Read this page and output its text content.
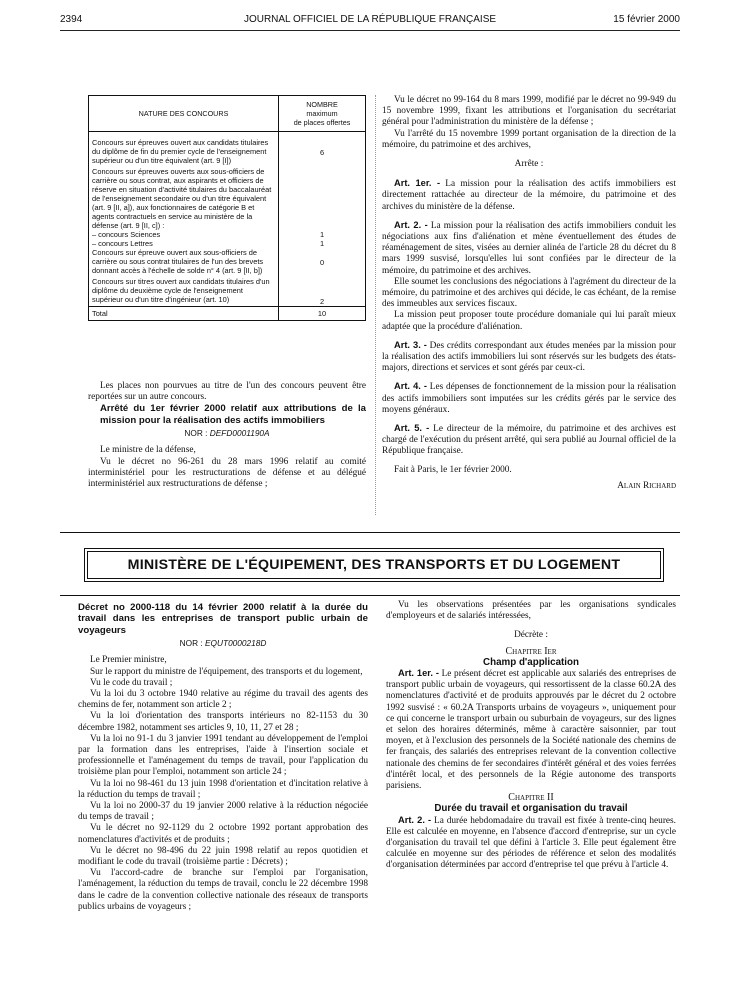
2394	JOURNAL OFFICIEL DE LA RÉPUBLIQUE FRANÇAISE	15 février 2000
NATURE DES CONCOURS	NOMBRE
maximum
de places offertes

Concours sur épreuves ouvert aux candidats titulaires du diplôme de fin du premier cycle de l'enseignement supérieur ou d'un titre équivalent (art. 9 [I])	6
Concours sur épreuves ouverts aux sous-officiers de carrière ou sous contrat, aux aspirants et officiers de réserve en situation d'activité titulaires du baccalauréat de l'enseignement secondaire ou d'un titre équivalent (art. 9 [II, a]), aux fonctionnaires de catégorie B et agents contractuels en service au ministère de la défense (art. 9 [II, c]) :	
– concours Sciences	1
– concours Lettres	1
Concours sur épreuve ouvert aux sous-officiers de carrière ou sous contrat titulaires de l'un des brevets donnant accès à l'échelle de solde n° 4 (art. 9 [II, b])	0
Concours sur titres ouvert aux candidats titulaires d'un diplôme du deuxième cycle de l'enseignement supérieur ou d'un titre d'ingénieur (art. 10)	2
Total	10

Les places non pourvues au titre de l'un des concours peuvent être reportées sur un autre concours.

Arrêté du 1er février 2000 relatif aux attributions de la mission pour la réalisation des actifs immobiliers

NOR : DEFD0001190A

Le ministre de la défense,

Vu le décret no 96-261 du 28 mars 1996 relatif au comité interministériel pour les restructurations de défense et au délégué interministériel aux restructurations de défense ;

Vu le décret no 99-164 du 8 mars 1999, modifié par le décret no 99-949 du 15 novembre 1999, fixant les attributions et l'organisation du secrétariat général pour l'administration du ministère de la défense ;

Vu l'arrêté du 15 novembre 1999 portant organisation de la direction de la mémoire, du patrimoine et des archives,

Arrête :

Art. 1er. - La mission pour la réalisation des actifs immobiliers est directement rattachée au directeur de la mémoire, du patrimoine et des archives du ministère de la défense.

Art. 2. - La mission pour la réalisation des actifs immobiliers conduit les négociations aux fins d'aliénation et mène éventuellement des études de réaménagement de sites, visées au dernier alinéa de l'article 28 du décret du 8 mars 1999 susvisé, lorsqu'elles lui sont confiées par le directeur de la mémoire, du patrimoine et des archives.

Elle soumet les conclusions des négociations à l'agrément du directeur de la mémoire, du patrimoine et des archives qui décide, le cas échéant, de la remise des immeubles aux services fiscaux.

La mission peut proposer toute procédure domaniale qui lui paraît mieux adaptée que la procédure d'aliénation.

Art. 3. - Des crédits correspondant aux études menées par la mission pour la réalisation des actifs immobiliers lui sont réservés sur les budgets des états-majors, directions et services et sont gérés par ceux-ci.

Art. 4. - Les dépenses de fonctionnement de la mission pour la réalisation des actifs immobiliers sont imputées sur les crédits gérés par le service des moyens généraux.

Art. 5. - Le directeur de la mémoire, du patrimoine et des archives est chargé de l'exécution du présent arrêté, qui sera publié au Journal officiel de la République française.

Fait à Paris, le 1er février 2000.

Alain Richard
MINISTÈRE DE L'ÉQUIPEMENT, DES TRANSPORTS ET DU LOGEMENT

Décret no 2000-118 du 14 février 2000 relatif à la durée du travail dans les entreprises de transport public urbain de voyageurs

NOR : EQUT0000218D

Le Premier ministre,

Sur le rapport du ministre de l'équipement, des transports et du logement,

Vu le code du travail ;

Vu la loi du 3 octobre 1940 relative au régime du travail des agents des chemins de fer, notamment son article 2 ;

Vu la loi d'orientation des transports intérieurs no 82-1153 du 30 décembre 1982, notamment ses articles 9, 10, 11, 27 et 28 ;

Vu la loi no 91-1 du 3 janvier 1991 tendant au développement de l'emploi par la formation dans les entreprises, l'aide à l'insertion sociale et professionnelle et l'aménagement du temps de travail, pour l'application du troisième plan pour l'emploi, notamment son article 24 ;

Vu la loi no 98-461 du 13 juin 1998 d'orientation et d'incitation relative à la réduction du temps de travail ;

Vu la loi no 2000-37 du 19 janvier 2000 relative à la réduction négociée du temps de travail ;

Vu le décret no 92-1129 du 2 octobre 1992 portant approbation des nomenclatures d'activités et de produits ;

Vu le décret no 98-496 du 22 juin 1998 relatif au repos quotidien et modifiant le code du travail (troisième partie : Décrets) ;

Vu l'accord-cadre de branche sur l'emploi par l'organisation, l'aménagement, la réduction du temps de travail, conclu le 22 décembre 1998 dans le cadre de la convention collective nationale des réseaux de transports publics urbains de voyageurs ;

Vu les observations présentées par les organisations syndicales d'employeurs et de salariés intéressées,

Décrète :

Chapitre Ier

Champ d'application

Art. 1er. - Le présent décret est applicable aux salariés des entreprises de transport public urbain de voyageurs, qui ressortissent de la classe 60.2A des nomenclatures d'activité et de produits approuvés par le décret du 2 octobre 1992 susvisé : « 60.2A Transports urbains de voyageurs », uniquement pour ce qui concerne le transport urbain ou suburbain de voyageurs, sur des lignes et selon des horaires déterminés, même à caractère saisonnier, par tout moyen, et à l'exclusion des personnels de la Société nationale des chemins de fer français, des salariés des entreprises relevant de la convention collective nationale des chemins de fer secondaires d'intérêt général et des voies ferrées d'intérêt local, et des personnels de la Régie autonome des transports parisiens.

Chapitre II

Durée du travail et organisation du travail

Art. 2. - La durée hebdomadaire du travail est fixée à trente-cinq heures. Elle est calculée en moyenne, en l'absence d'accord d'entreprise, sur un cycle d'organisation du travail tel que défini à l'article 3. Elle peut également être calculée en moyenne sur des périodes de référence et selon des modalités d'organisation déterminées par accord d'entreprise tel que prévu à l'article 4.
